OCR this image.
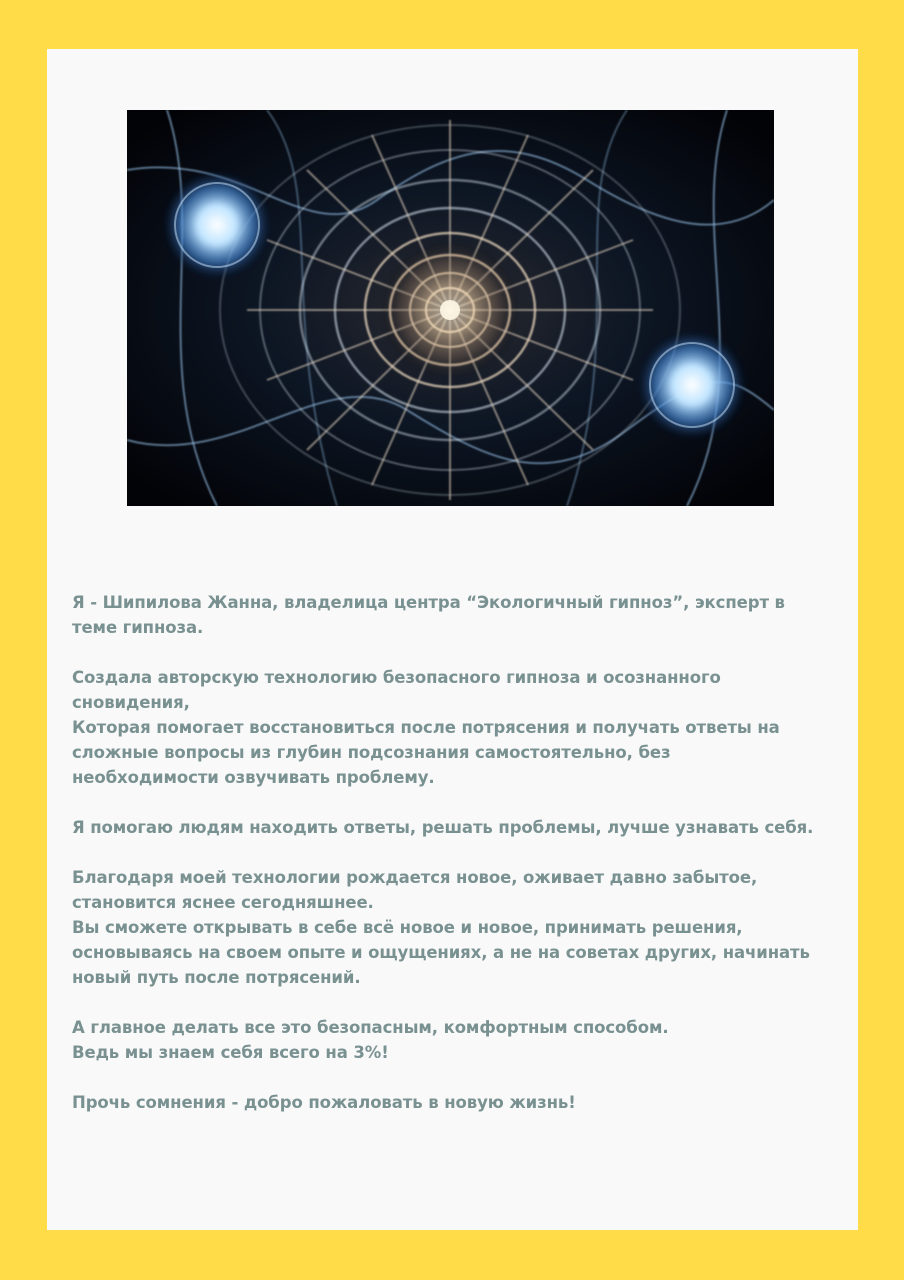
Я - Шипилова Жанна, владелица центра “Экологичный гипноз”, эксперт в
теме гипноза.
Создала авторскую технологию безопасного гипноза и осознанного
сновидения,
Которая помогает восстановиться после потрясения и получать ответы на
сложные вопросы из глубин подсознания самостоятельно, без
необходимости озвучивать проблему.
Я помогаю людям находить ответы, решать проблемы, лучше узнавать себя.
Благодаря моей технологии рождается новое, оживает давно забытое,
становится яснее сегодняшнее.
Вы сможете открывать в себе всё новое и новое, принимать решения,
основываясь на своем опыте и ощущениях, а не на советах других, начинать
новый путь после потрясений.
А главное делать все это безопасным, комфортным способом.
Ведь мы знаем себя всего на 3%!
Прочь сомнения - добро пожаловать в новую жизнь!
